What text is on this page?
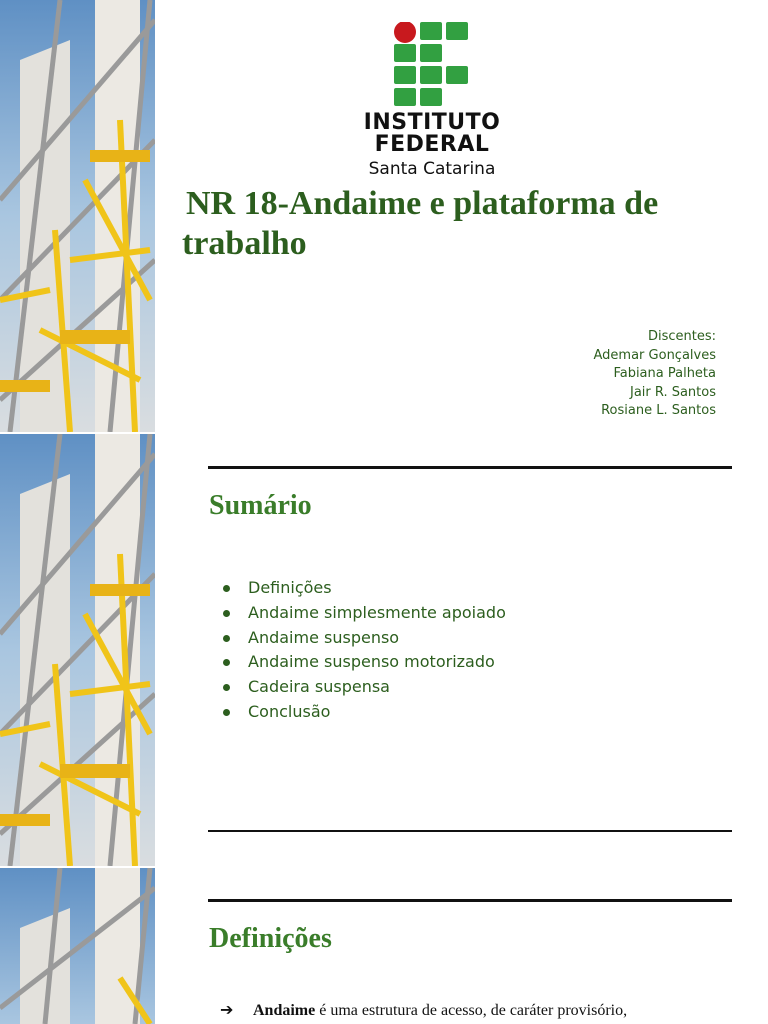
INSTITUTO
FEDERAL
Santa Catarina
NR 18-Andaime e plataforma de
trabalho
Discentes:
Ademar Gonçalves
Fabiana Palheta
Jair R. Santos
Rosiane L. Santos
Sumário
Definições
Andaime simplesmente apoiado
Andaime suspenso
Andaime suspenso motorizado
Cadeira suspensa
Conclusão
Definições
➔ Andaime é uma estrutura de acesso, de caráter provisório,
